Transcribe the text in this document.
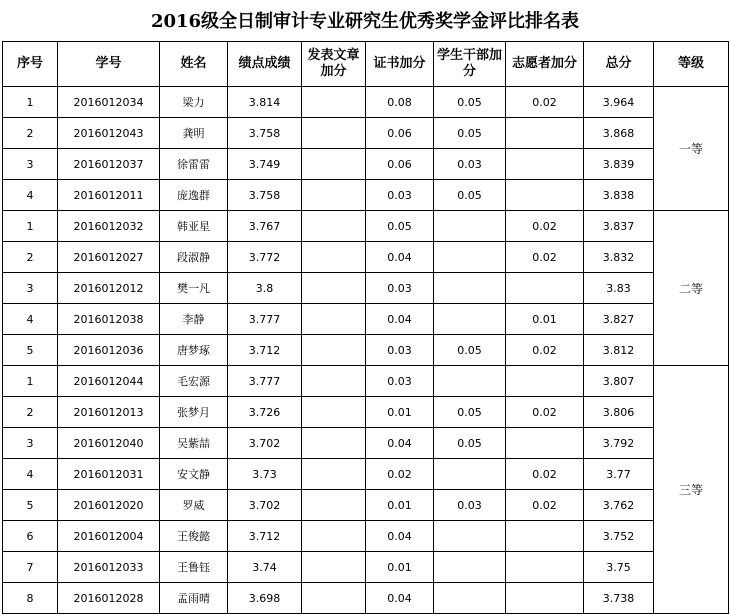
2016级全日制审计专业研究生优秀奖学金评比排名表
序号	学号	姓名	绩点成绩	发表文章加分	证书加分	学生干部加分	志愿者加分	总分	等级
1	2016012034	梁力	3.814		0.08	0.05	0.02	3.964	一等
2	2016012043	龚明	3.758		0.06	0.05		3.868	
3	2016012037	徐雷雷	3.749		0.06	0.03		3.839	
4	2016012011	庞逸群	3.758		0.03	0.05		3.838	
1	2016012032	韩亚星	3.767		0.05		0.02	3.837	二等
2	2016012027	段淑静	3.772		0.04		0.02	3.832	
3	2016012012	樊一凡	3.8		0.03			3.83	
4	2016012038	李静	3.777		0.04		0.01	3.827	
5	2016012036	唐梦琢	3.712		0.03	0.05	0.02	3.812	
1	2016012044	毛宏源	3.777		0.03			3.807	三等
2	2016012013	张梦月	3.726		0.01	0.05	0.02	3.806	
3	2016012040	吴紫喆	3.702		0.04	0.05		3.792	
4	2016012031	安文静	3.73		0.02		0.02	3.77	
5	2016012020	罗威	3.702		0.01	0.03	0.02	3.762	
6	2016012004	王俊懿	3.712		0.04			3.752	
7	2016012033	王鲁钰	3.74		0.01			3.75	
8	2016012028	孟雨晴	3.698		0.04			3.738	
